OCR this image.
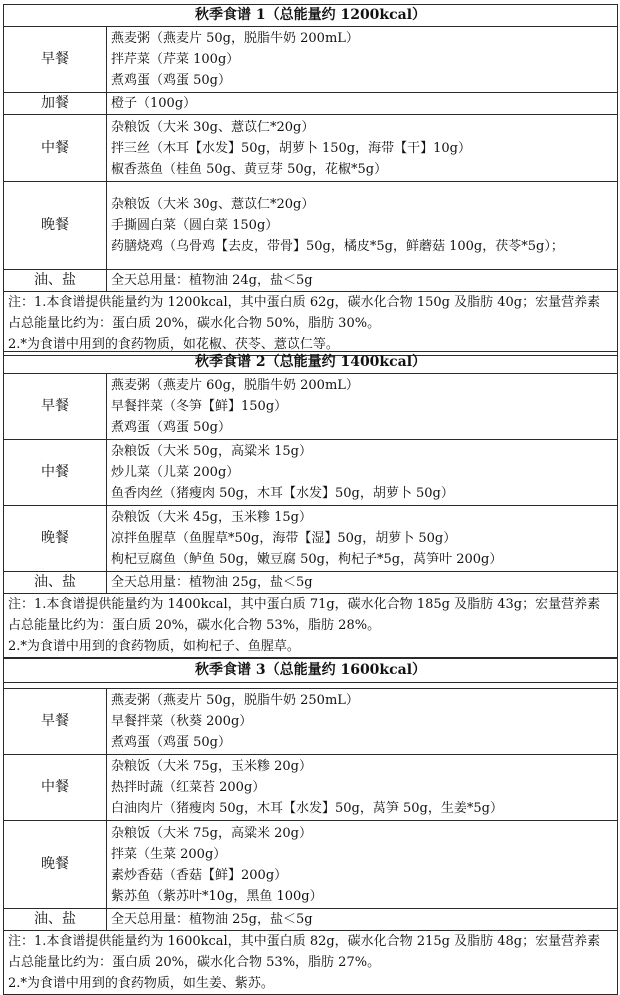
秋季食谱 1（总能量约 1200kcal）	
早餐	燕麦粥（燕麦片 50g，脱脂牛奶 200mL）
拌芹菜（芹菜 100g）
煮鸡蛋（鸡蛋 50g）

加餐	橙子（100g）

中餐	杂粮饭（大米 30g、薏苡仁*20g）
拌三丝（木耳【水发】50g，胡萝卜 150g，海带【干】10g）
椒香蒸鱼（桂鱼 50g、黄豆芽 50g，花椒*5g）

晚餐	杂粮饭（大米 30g、薏苡仁*20g）
手撕圆白菜（圆白菜 150g）
药膳烧鸡（乌骨鸡【去皮，带骨】50g，橘皮*5g，鲜蘑菇 100g，茯苓*5g）；

油、盐	全天总用量：植物油 24g，盐＜5g

注：1.本食谱提供能量约为 1200kcal，其中蛋白质 62g，碳水化合物 150g 及脂肪 40g；宏量营养素占总能量比约为：蛋白质 20%，碳水化合物 50%，脂肪 30%。
2.*为食谱中用到的食药物质，如花椒、茯苓、薏苡仁等。	
秋季食谱 2（总能量约 1400kcal）	
早餐	燕麦粥（燕麦片 60g，脱脂牛奶 200mL）
早餐拌菜（冬笋【鲜】150g）
煮鸡蛋（鸡蛋 50g）

中餐	杂粮饭（大米 50g，高粱米 15g）
炒儿菜（儿菜 200g）
鱼香肉丝（猪瘦肉 50g，木耳【水发】50g，胡萝卜 50g）

晚餐	杂粮饭（大米 45g，玉米糁 15g）
凉拌鱼腥草（鱼腥草*50g，海带【湿】50g，胡萝卜 50g）
枸杞豆腐鱼（鲈鱼 50g，嫩豆腐 50g，枸杞子*5g，莴笋叶 200g）

油、盐	全天总用量：植物油 25g，盐＜5g

注：1.本食谱提供能量约为 1400kcal，其中蛋白质 71g，碳水化合物 185g 及脂肪 43g；宏量营养素占总能量比约为：蛋白质 20%，碳水化合物 53%，脂肪 28%。
2.*为食谱中用到的食药物质，如枸杞子、鱼腥草。	
秋季食谱 3（总能量约 1600kcal）	

早餐	燕麦粥（燕麦片 50g，脱脂牛奶 250mL）
早餐拌菜（秋葵 200g）
煮鸡蛋（鸡蛋 50g）

中餐	杂粮饭（大米 75g，玉米糁 20g）
热拌时蔬（红菜苔 200g）
白油肉片（猪瘦肉 50g，木耳【水发】50g，莴笋 50g，生姜*5g）

晚餐	杂粮饭（大米 75g，高粱米 20g）
拌菜（生菜 200g）
素炒香菇（香菇【鲜】200g）
紫苏鱼（紫苏叶*10g，黑鱼 100g）

油、盐	全天总用量：植物油 25g，盐＜5g

注：1.本食谱提供能量约为 1600kcal，其中蛋白质 82g，碳水化合物 215g 及脂肪 48g；宏量营养素占总能量比约为：蛋白质 20%，碳水化合物 53%，脂肪 27%。
2.*为食谱中用到的食药物质，如生姜、紫苏。	
